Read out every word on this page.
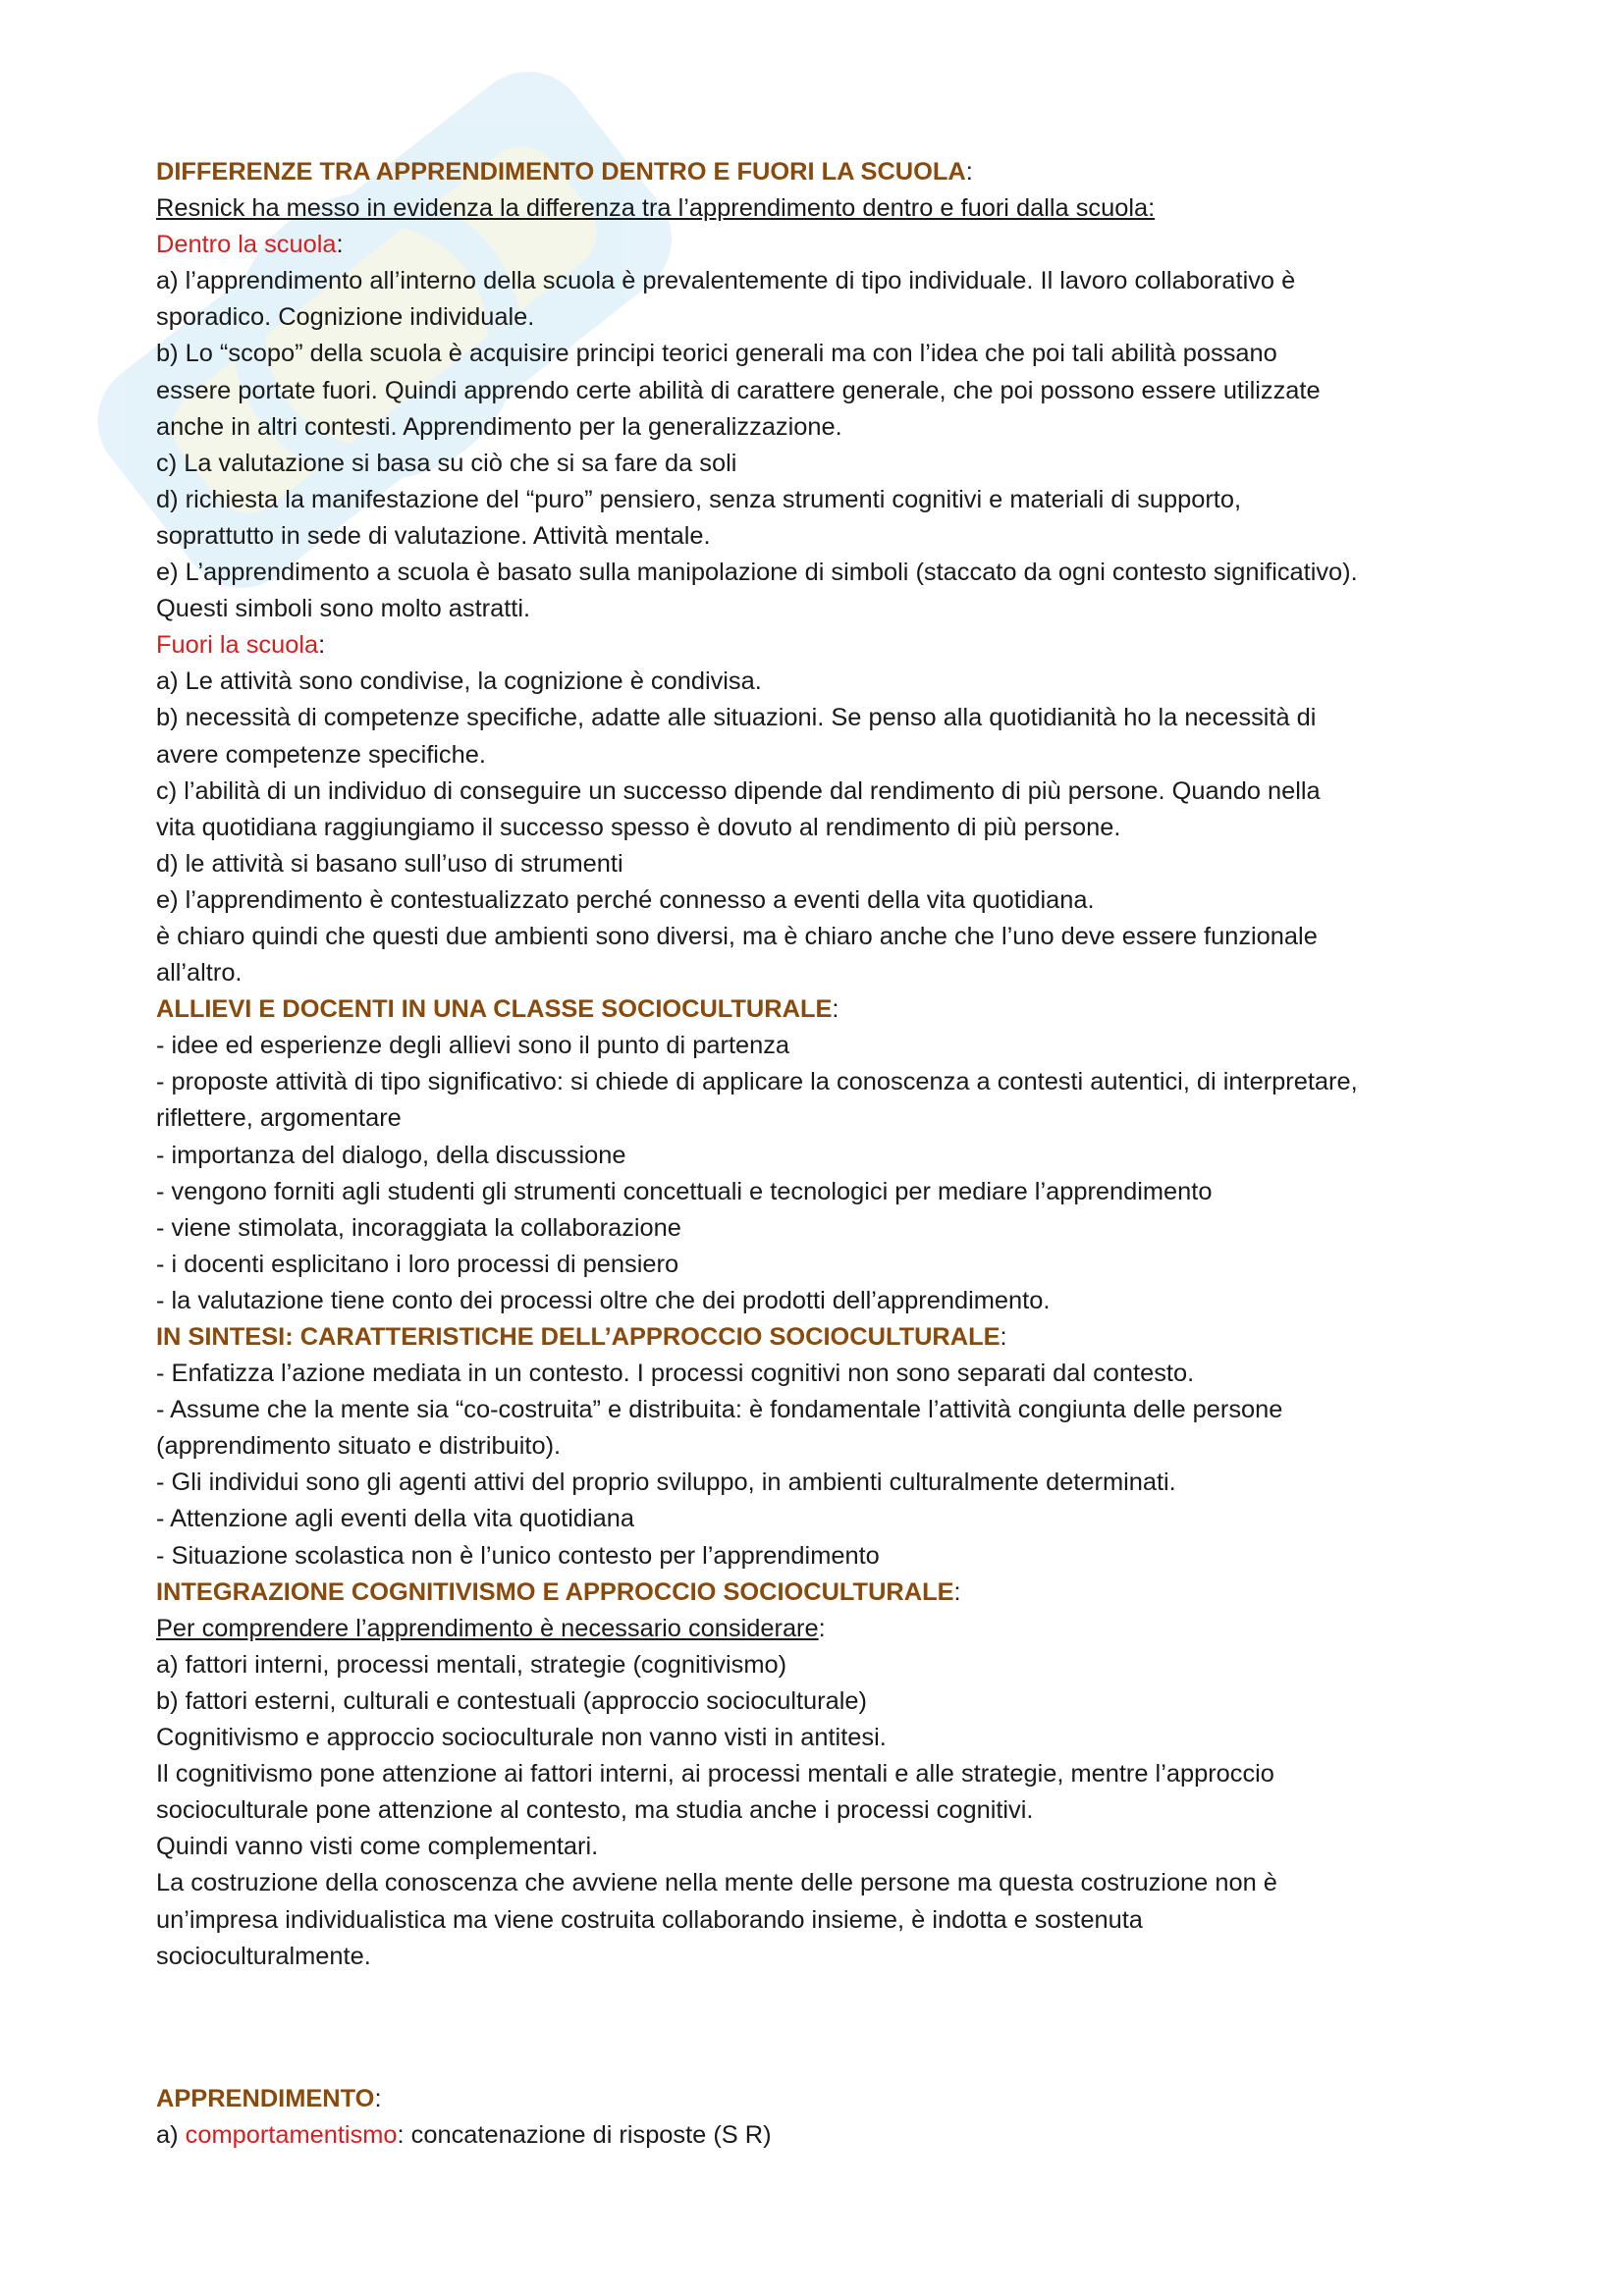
DIFFERENZE TRA APPRENDIMENTO DENTRO E FUORI LA SCUOLA:
Resnick ha messo in evidenza la differenza tra l’apprendimento dentro e fuori dalla scuola:
Dentro la scuola:
a) l’apprendimento all’interno della scuola è prevalentemente di tipo individuale. Il lavoro collaborativo è
sporadico. Cognizione individuale.
b) Lo “scopo” della scuola è acquisire principi teorici generali ma con l’idea che poi tali abilità possano
essere portate fuori. Quindi apprendo certe abilità di carattere generale, che poi possono essere utilizzate
anche in altri contesti. Apprendimento per la generalizzazione.
c) La valutazione si basa su ciò che si sa fare da soli
d) richiesta la manifestazione del “puro” pensiero, senza strumenti cognitivi e materiali di supporto,
soprattutto in sede di valutazione. Attività mentale.
e) L’apprendimento a scuola è basato sulla manipolazione di simboli (staccato da ogni contesto significativo).
Questi simboli sono molto astratti.
Fuori la scuola:
a) Le attività sono condivise, la cognizione è condivisa.
b) necessità di competenze specifiche, adatte alle situazioni. Se penso alla quotidianità ho la necessità di
avere competenze specifiche.
c) l’abilità di un individuo di conseguire un successo dipende dal rendimento di più persone. Quando nella
vita quotidiana raggiungiamo il successo spesso è dovuto al rendimento di più persone.
d) le attività si basano sull’uso di strumenti
e) l’apprendimento è contestualizzato perché connesso a eventi della vita quotidiana.
è chiaro quindi che questi due ambienti sono diversi, ma è chiaro anche che l’uno deve essere funzionale
all’altro.
ALLIEVI E DOCENTI IN UNA CLASSE SOCIOCULTURALE:
- idee ed esperienze degli allievi sono il punto di partenza
- proposte attività di tipo significativo: si chiede di applicare la conoscenza a contesti autentici, di interpretare,
riflettere, argomentare
- importanza del dialogo, della discussione
- vengono forniti agli studenti gli strumenti concettuali e tecnologici per mediare l’apprendimento
- viene stimolata, incoraggiata la collaborazione
- i docenti esplicitano i loro processi di pensiero
- la valutazione tiene conto dei processi oltre che dei prodotti dell’apprendimento.
IN SINTESI: CARATTERISTICHE DELL’APPROCCIO SOCIOCULTURALE:
- Enfatizza l’azione mediata in un contesto. I processi cognitivi non sono separati dal contesto.
- Assume che la mente sia “co-costruita” e distribuita: è fondamentale l’attività congiunta delle persone
(apprendimento situato e distribuito).
- Gli individui sono gli agenti attivi del proprio sviluppo, in ambienti culturalmente determinati.
- Attenzione agli eventi della vita quotidiana
- Situazione scolastica non è l’unico contesto per l’apprendimento
INTEGRAZIONE COGNITIVISMO E APPROCCIO SOCIOCULTURALE:
Per comprendere l’apprendimento è necessario considerare:
a) fattori interni, processi mentali, strategie (cognitivismo)
b) fattori esterni, culturali e contestuali (approccio socioculturale)
Cognitivismo e approccio socioculturale non vanno visti in antitesi.
Il cognitivismo pone attenzione ai fattori interni, ai processi mentali e alle strategie, mentre l’approccio
socioculturale pone attenzione al contesto, ma studia anche i processi cognitivi.
Quindi vanno visti come complementari.
La costruzione della conoscenza che avviene nella mente delle persone ma questa costruzione non è
un’impresa individualistica ma viene costruita collaborando insieme, è indotta e sostenuta
socioculturalmente.
APPRENDIMENTO:
a) comportamentismo: concatenazione di risposte (S R)
